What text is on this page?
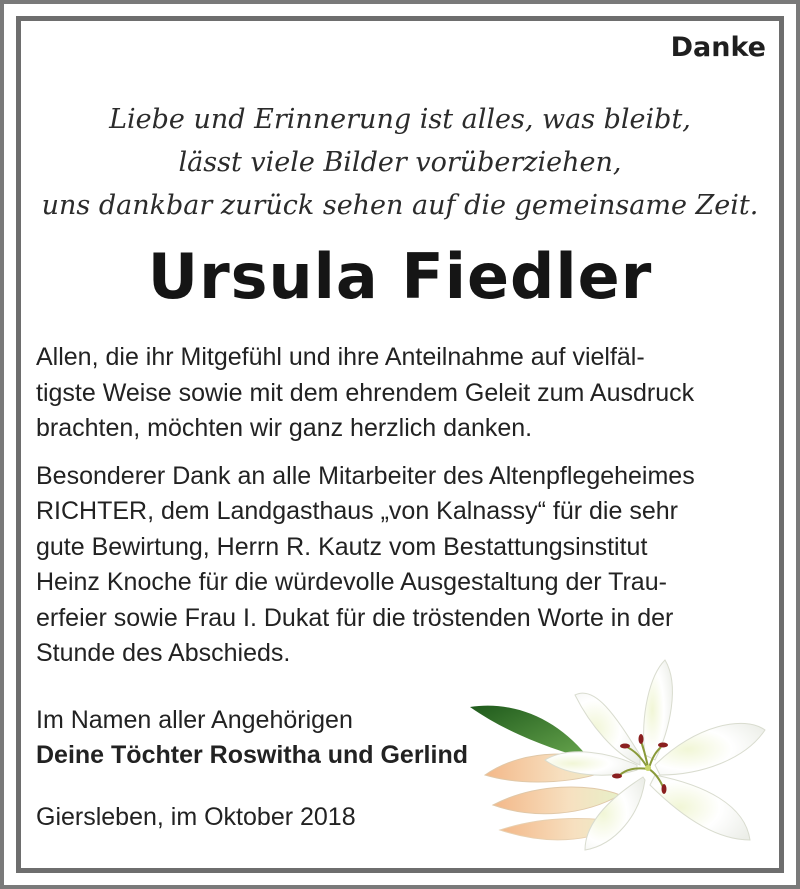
Danke
Liebe und Erinnerung ist alles, was bleibt,
lässt viele Bilder vorüberziehen,
uns dankbar zurück sehen auf die gemeinsame Zeit.
Ursula Fiedler
Allen, die ihr Mitgefühl und ihre Anteilnahme auf vielfäl-
tigste Weise sowie mit dem ehrendem Geleit zum Ausdruck
brachten, möchten wir ganz herzlich danken.
Besonderer Dank an alle Mitarbeiter des Altenpflegeheimes
RICHTER, dem Landgasthaus „von Kalnassy“ für die sehr
gute Bewirtung, Herrn R. Kautz vom Bestattungsinstitut
Heinz Knoche für die würdevolle Ausgestaltung der Trau-
erfeier sowie Frau I. Dukat für die tröstenden Worte in der
Stunde des Abschieds.
Im Namen aller Angehörigen
Deine Töchter Roswitha und Gerlind
Giersleben, im Oktober 2018
